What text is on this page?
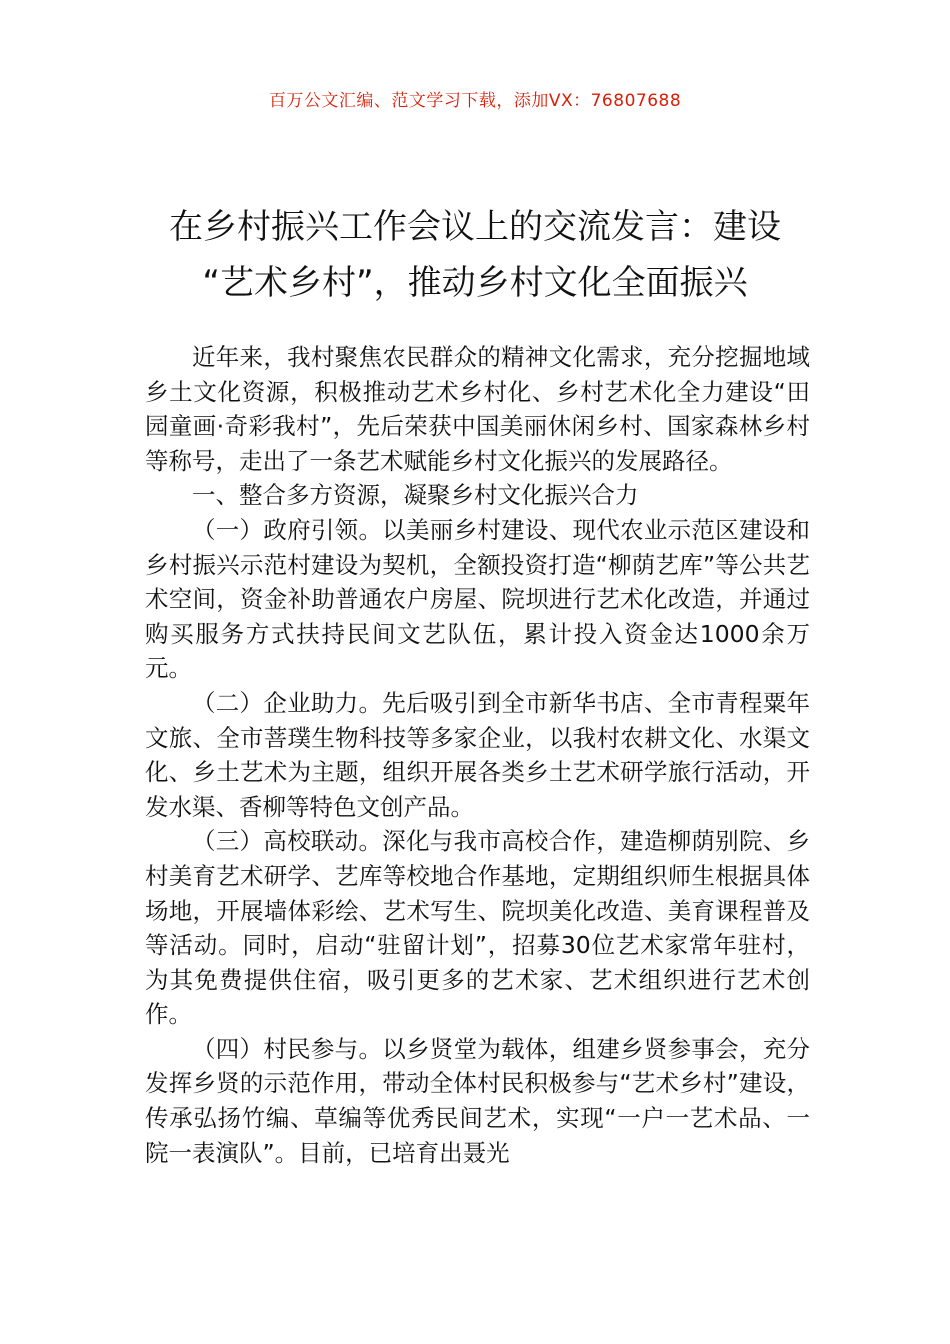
百万公文汇编、范文学习下载，添加VX：76807688
在乡村振兴工作会议上的交流发言：建设
“艺术乡村”，推动乡村文化全面振兴

近年来，我村聚焦农民群众的精神文化需求，充分挖掘地域乡土文化资源，积极推动艺术乡村化、乡村艺术化全力建设“田园童画·奇彩我村”，先后荣获中国美丽休闲乡村、国家森林乡村等称号，走出了一条艺术赋能乡村文化振兴的发展路径。

一、整合多方资源，凝聚乡村文化振兴合力

（一）政府引领。以美丽乡村建设、现代农业示范区建设和乡村振兴示范村建设为契机，全额投资打造“柳荫艺库”等公共艺术空间，资金补助普通农户房屋、院坝进行艺术化改造，并通过购买服务方式扶持民间文艺队伍，累计投入资金达1000余万元。

（二）企业助力。先后吸引到全市新华书店、全市青程粟年文旅、全市菩璞生物科技等多家企业，以我村农耕文化、水渠文化、乡土艺术为主题，组织开展各类乡土艺术研学旅行活动，开发水渠、香柳等特色文创产品。

（三）高校联动。深化与我市高校合作，建造柳荫别院、乡村美育艺术研学、艺库等校地合作基地，定期组织师生根据具体场地，开展墙体彩绘、艺术写生、院坝美化改造、美育课程普及等活动。同时，启动“驻留计划”，招募30位艺术家常年驻村，为其免费提供住宿，吸引更多的艺术家、艺术组织进行艺术创作。

（四）村民参与。以乡贤堂为载体，组建乡贤参事会，充分发挥乡贤的示范作用，带动全体村民积极参与“艺术乡村”建设，传承弘扬竹编、草编等优秀民间艺术，实现“一户一艺术品、一院一表演队”。目前，已培育出聂光
